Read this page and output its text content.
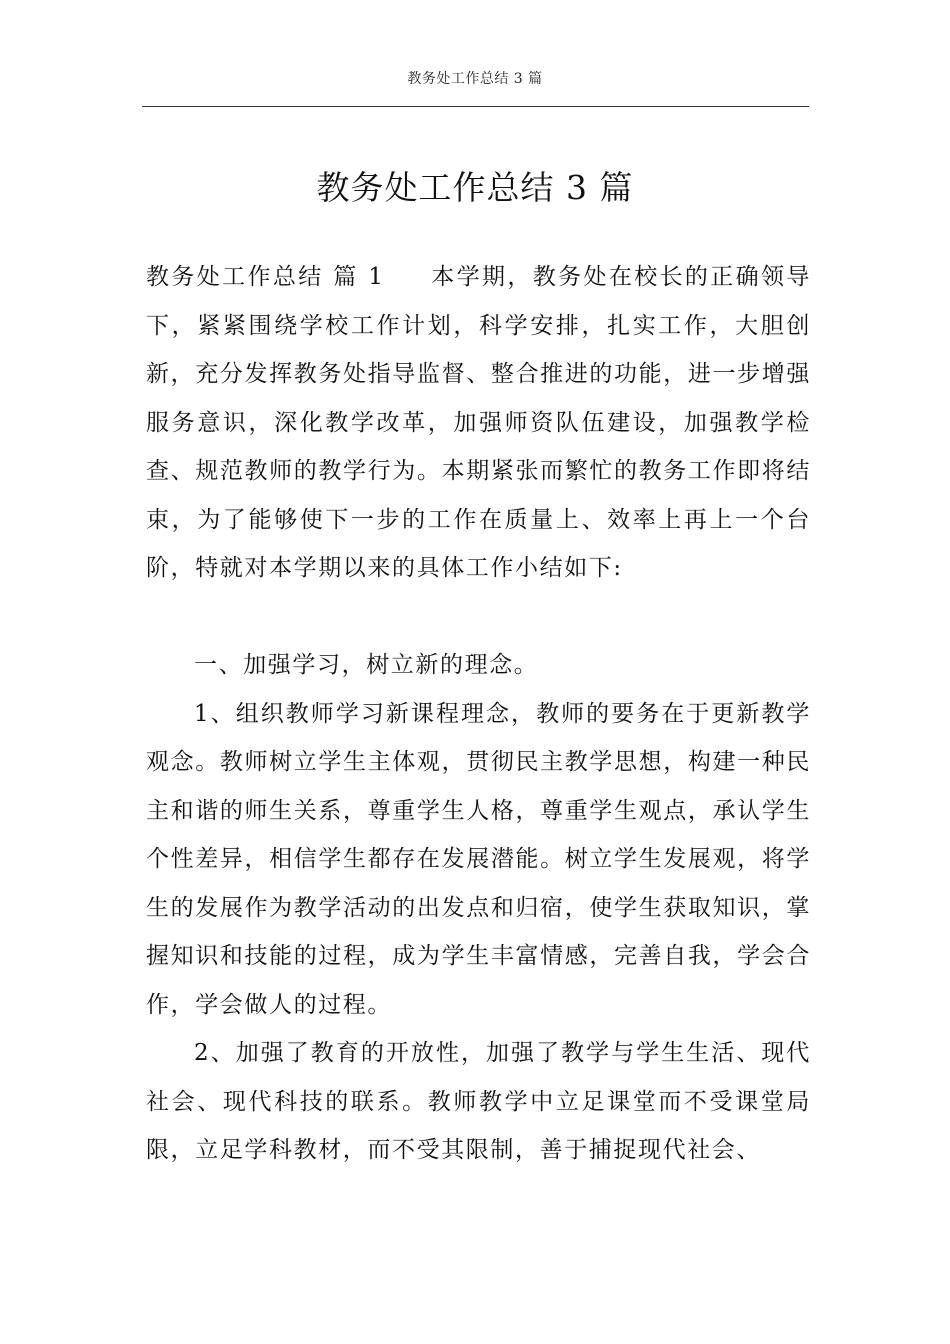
教务处工作总结 3 篇
教务处工作总结 3 篇

教务处工作总结 篇 1 本学期，教务处在校长的正确领导下，紧紧围绕学校工作计划，科学安排，扎实工作，大胆创新，充分发挥教务处指导监督、整合推进的功能，进一步增强服务意识，深化教学改革，加强师资队伍建设，加强教学检查、规范教师的教学行为。本期紧张而繁忙的教务工作即将结束，为了能够使下一步的工作在质量上、效率上再上一个台阶，特就对本学期以来的具体工作小结如下:

一、加强学习，树立新的理念。

1、组织教师学习新课程理念，教师的要务在于更新教学观念。教师树立学生主体观，贯彻民主教学思想，构建一种民主和谐的师生关系，尊重学生人格，尊重学生观点，承认学生个性差异，相信学生都存在发展潜能。树立学生发展观，将学生的发展作为教学活动的出发点和归宿，使学生获取知识，掌握知识和技能的过程，成为学生丰富情感，完善自我，学会合作，学会做人的过程。

2、加强了教育的开放性，加强了教学与学生生活、现代社会、现代科技的联系。教师教学中立足课堂而不受课堂局限，立足学科教材，而不受其限制，善于捕捉现代社会、
